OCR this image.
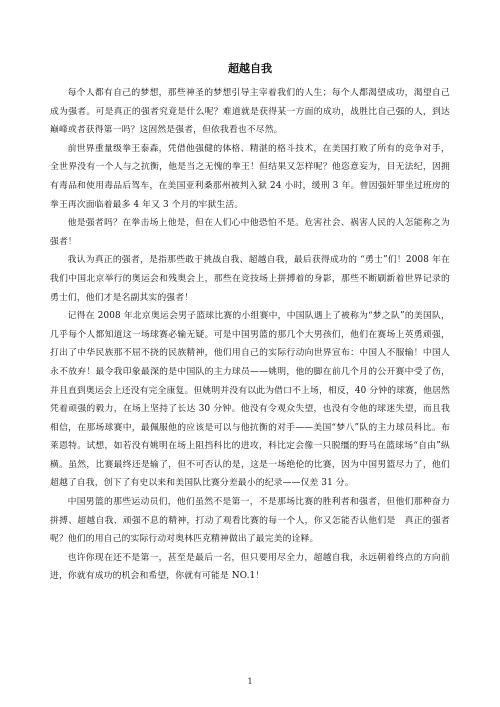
超越自我

每个人都有自己的梦想，那些神圣的梦想引导主宰着我们的人生；每个人都渴望成功，渴望自己成为强者。可是真正的强者究竟是什么呢？难道就是获得某一方面的成功，战胜比自己强的人，到达巅峰或者获得第一吗？这固然是强者，但依我看也不尽然。

前世界重量级拳王泰森，凭借他强健的体格、精湛的格斗技术，在美国打败了所有的竞争对手，全世界没有一个人与之抗衡，他是当之无愧的拳王！但结果又怎样呢？他恣意妄为，目无法纪，因拥有毒品和使用毒品后驾车，在美国亚利桑那州被判入狱 24 小时，缓刑 3 年。曾因强奸罪坐过班房的拳王再次面临着最多 4 年又 3 个月的牢狱生活。

他是强者吗？在拳击场上他是，但在人们心中他恐怕不是。危害社会、祸害人民的人怎能称之为强者！

我认为真正的强者，是指那些敢于挑战自我、超越自我，最后获得成功的 “勇士”们！2008 年在我们中国北京举行的奥运会和残奥会上，那些在竞技场上拼搏着的身影，那些不断刷新着世界记录的勇士们，他们才是名副其实的强者！

记得在 2008 年北京奥运会男子篮球比赛的小组赛中，中国队遇上了被称为“梦之队”的美国队，几乎每个人都知道这一场球赛必输无疑。可是中国男篮的那几个大男孩们，他们在赛场上英勇顽强，打出了中华民族那不屈不挠的民族精神，他们用自己的实际行动向世界宣布：中国人不服输！中国人永不放弃！最令我印象最深的是中国队的主力球员——姚明，他的脚在前几个月的公开赛中受了伤，并且直到奥运会上还没有完全康复。但姚明并没有以此为借口不上场，相反，40 分钟的球赛，他居然凭着顽强的毅力，在场上坚持了长达 30 分钟。他没有令观众失望，也没有令他的球迷失望，而且我相信，在那场球赛中，最佩服他的应该是可以与他抗衡的对手——美国“梦八”队的主力球员科比。布莱恩特。试想，如若没有姚明在场上阻挡科比的进攻，科比定会像一只脱缰的野马在篮球场“自由”纵横。虽然，比赛最终还是输了，但不可否认的是，这是一场绝伦的比赛，因为中国男篮尽力了，他们超越了自我，创下了有史以来和美国队比赛分差最小的纪录——仅差 31 分。

中国男篮的那些运动员们，他们虽然不是第一，不是那场比赛的胜利者和强者，但他们那种奋力拼搏、超越自我、顽强不息的精神，打动了观看比赛的每一个人，你又怎能否认他们是　真正的强者呢？他们的用自己的实际行动对奥林匹克精神做出了最完美的诠释。

也许你现在还不是第一，甚至是最后一名，但只要用尽全力，超越自我，永远朝着终点的方向前进，你就有成功的机会和希望，你就有可能是 NO.1！

1
